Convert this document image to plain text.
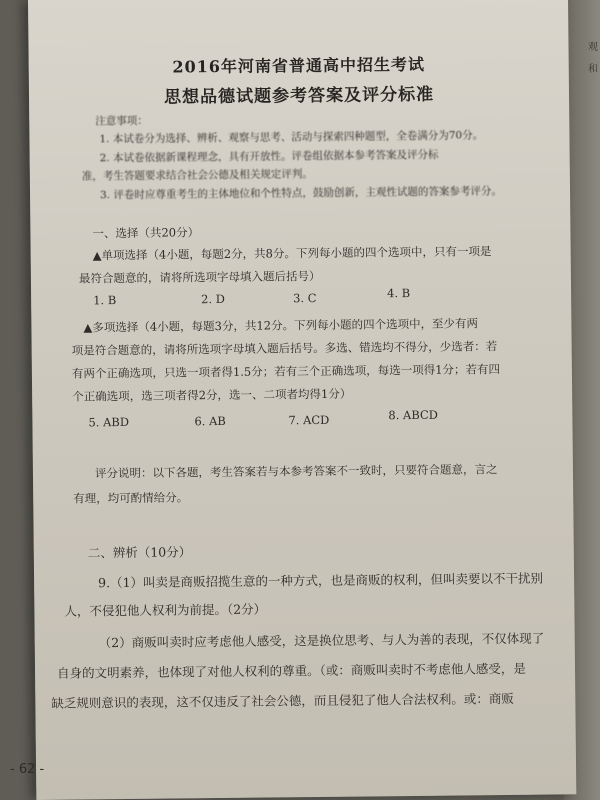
观
和
2016年河南省普通高中招生考试
思想品德试题参考答案及评分标准
注意事项：
1. 本试卷分为选择、辨析、观察与思考、活动与探索四种题型，全卷满分为70分。
2. 本试卷依据新课程理念，具有开放性。评卷组依据本参考答案及评分标
准，考生答题要求结合社会公德及相关规定评判。
3. 评卷时应尊重考生的主体地位和个性特点，鼓励创新，主观性试题的答案参考评分。
一、选择（共20分）
▲单项选择（4小题，每题2分，共8分。下列每小题的四个选项中，只有一项是
最符合题意的，请将所选项字母填入题后括号）
1. B	2. D	3. C	4. B
▲多项选择（4小题，每题3分，共12分。下列每小题的四个选项中，至少有两
项是符合题意的，请将所选项字母填入题后括号。多选、错选均不得分，少选者：若
有两个正确选项，只选一项者得1.5分；若有三个正确选项，每选一项得1分；若有四
个正确选项，选三项者得2分，选一、二项者均得1分）
5. ABD	6. AB	7. ACD	8. ABCD
评分说明：以下各题，考生答案若与本参考答案不一致时，只要符合题意，言之
有理，均可酌情给分。
二、辨析（10分）
9.（1）叫卖是商贩招揽生意的一种方式，也是商贩的权利，但叫卖要以不干扰别
人，不侵犯他人权利为前提。（2分）
（2）商贩叫卖时应考虑他人感受，这是换位思考、与人为善的表现，不仅体现了
自身的文明素养，也体现了对他人权利的尊重。（或：商贩叫卖时不考虑他人感受，是
缺乏规则意识的表现，这不仅违反了社会公德，而且侵犯了他人合法权利。或：商贩
- 62 -
